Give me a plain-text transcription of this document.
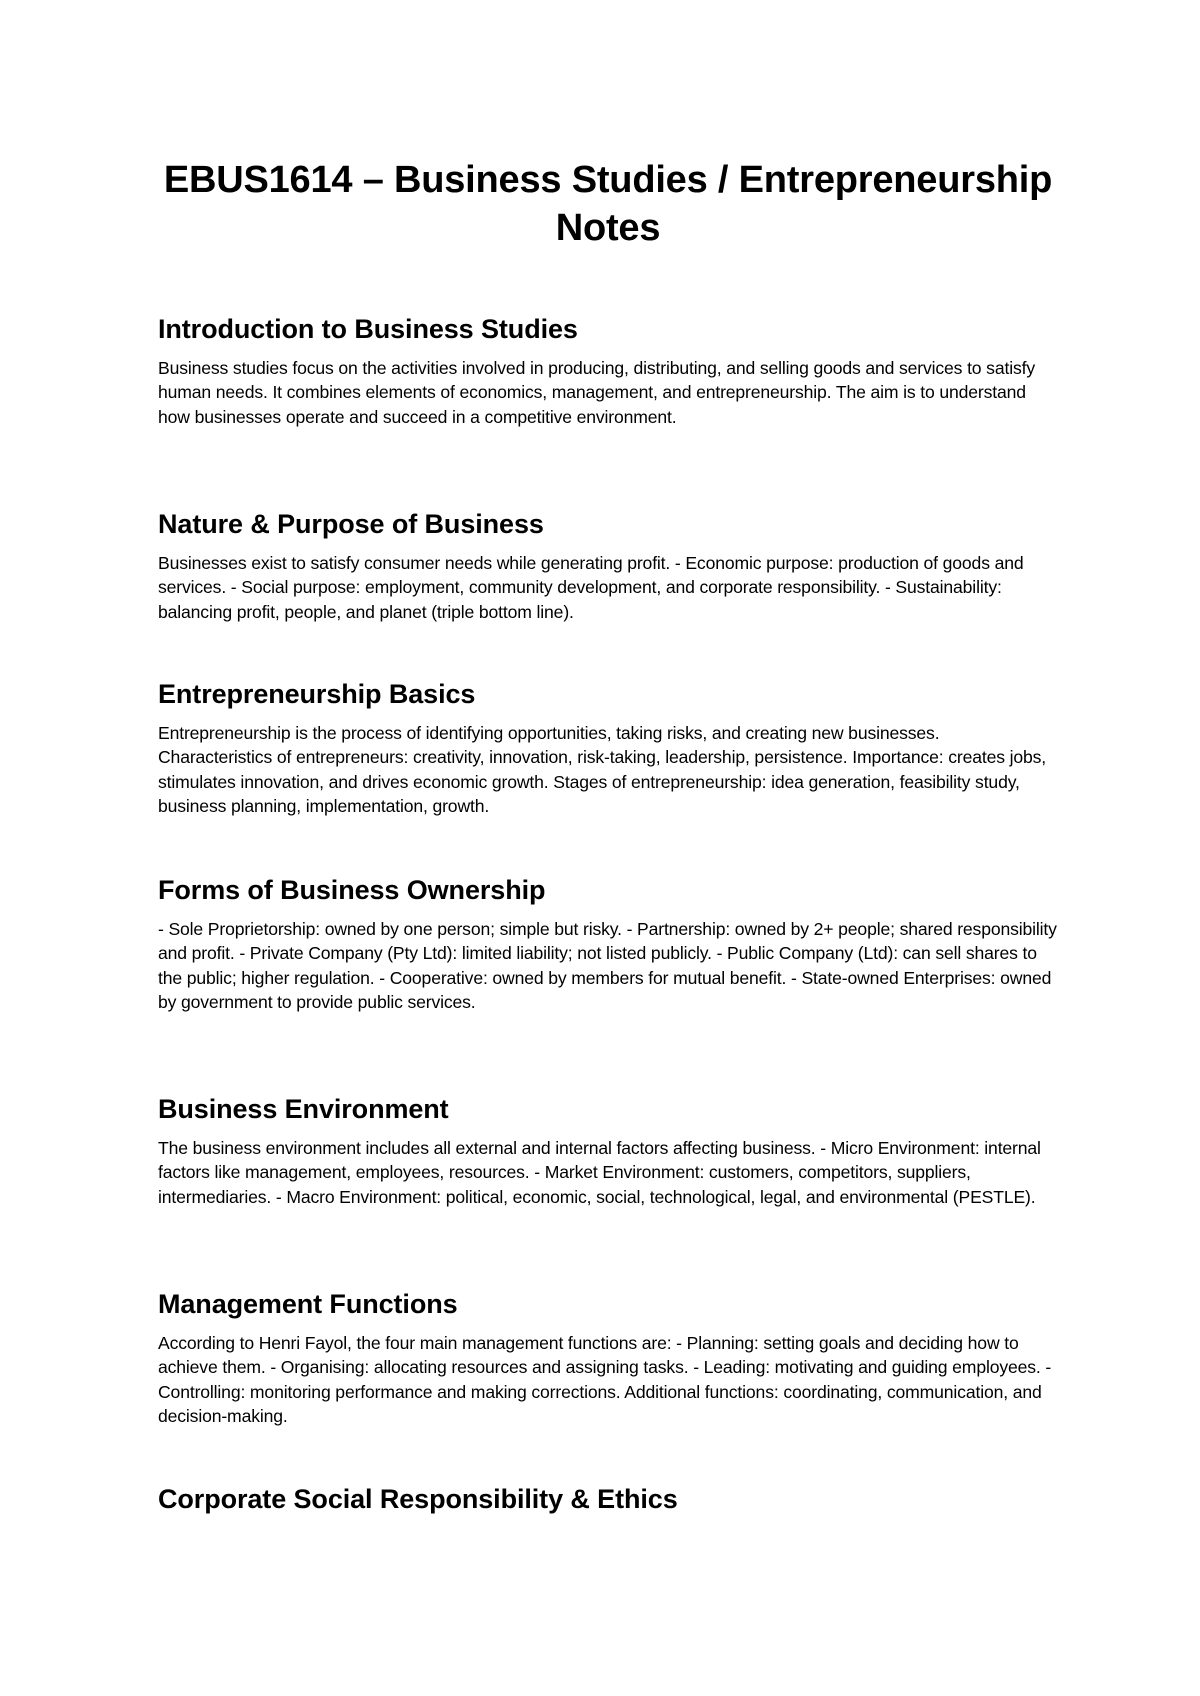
EBUS1614 – Business Studies / Entrepreneurship Notes
Introduction to Business Studies

Business studies focus on the activities involved in producing, distributing, and selling goods and services to satisfy human needs. It combines elements of economics, management, and entrepreneurship. The aim is to understand how businesses operate and succeed in a competitive environment.

Nature & Purpose of Business

Businesses exist to satisfy consumer needs while generating profit. - Economic purpose: production of goods and services. - Social purpose: employment, community development, and corporate responsibility. - Sustainability: balancing profit, people, and planet (triple bottom line).

Entrepreneurship Basics

Entrepreneurship is the process of identifying opportunities, taking risks, and creating new businesses. Characteristics of entrepreneurs: creativity, innovation, risk-taking, leadership, persistence. Importance: creates jobs, stimulates innovation, and drives economic growth. Stages of entrepreneurship: idea generation, feasibility study, business planning, implementation, growth.

Forms of Business Ownership

- Sole Proprietorship: owned by one person; simple but risky. - Partnership: owned by 2+ people; shared responsibility and profit. - Private Company (Pty Ltd): limited liability; not listed publicly. - Public Company (Ltd): can sell shares to the public; higher regulation. - Cooperative: owned by members for mutual benefit. - State-owned Enterprises: owned by government to provide public services.

Business Environment

The business environment includes all external and internal factors affecting business. - Micro Environment: internal factors like management, employees, resources. - Market Environment: customers, competitors, suppliers, intermediaries. - Macro Environment: political, economic, social, technological, legal, and environmental (PESTLE).

Management Functions

According to Henri Fayol, the four main management functions are: - Planning: setting goals and deciding how to achieve them. - Organising: allocating resources and assigning tasks. - Leading: motivating and guiding employees. - Controlling: monitoring performance and making corrections. Additional functions: coordinating, communication, and decision-making.

Corporate Social Responsibility & Ethics
